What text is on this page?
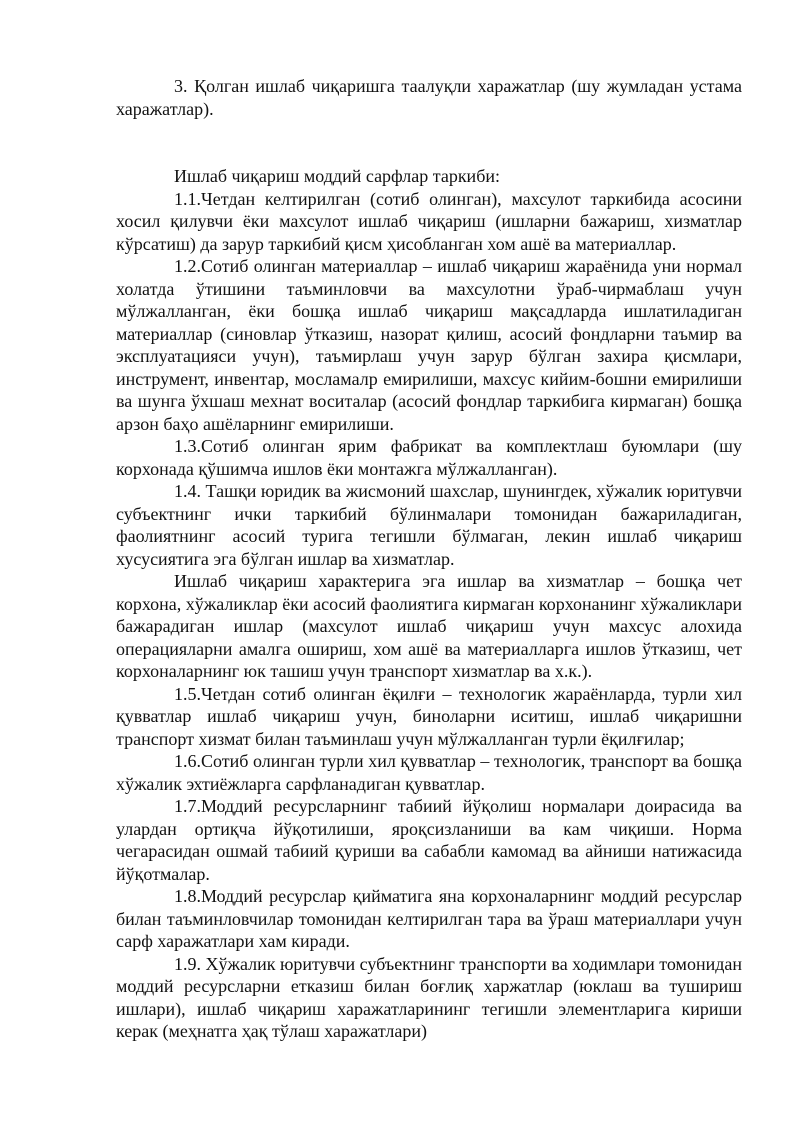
3. Қолган ишлаб чиқаришга таалуқли харажатлар (шу жумладан устама харажатлар).

Ишлаб чиқариш моддий сарфлар таркиби:

1.1.Четдан келтирилган (сотиб олинган), махсулот таркибида асосини хосил қилувчи ёки махсулот ишлаб чиқариш (ишларни бажариш, хизматлар кўрсатиш) да зарур таркибий қисм ҳисобланган хом ашё ва материаллар.

1.2.Сотиб олинган материаллар – ишлаб чиқариш жараёнида уни нормал холатда ўтишини таъминловчи ва махсулотни ўраб-чирмаблаш учун мўлжалланган, ёки бошқа ишлаб чиқариш мақсадларда ишлатиладиган материаллар (синовлар ўтказиш, назорат қилиш, асосий фондларни таъмир ва эксплуатацияси учун), таъмирлаш учун зарур бўлган захира қисмлари, инструмент, инвентар, мосламалр емирилиши, махсус кийим-бошни емирилиши ва шунга ўхшаш мехнат воситалар (асосий фондлар таркибига кирмаган) бошқа арзон баҳо ашёларнинг емирилиши.

1.3.Сотиб олинган ярим фабрикат ва комплектлаш буюмлари (шу корхонада қўшимча ишлов ёки монтажга мўлжалланган).

1.4. Ташқи юридик ва жисмоний шахслар, шунингдек, хўжалик юритувчи субъектнинг ички таркибий бўлинмалари томонидан бажариладиган, фаолиятнинг асосий турига тегишли бўлмаган, лекин ишлаб чиқариш хусусиятига эга бўлган ишлар ва хизматлар.

Ишлаб чиқариш характерига эга ишлар ва хизматлар – бошқа чет корхона, хўжаликлар ёки асосий фаолиятига кирмаган корхонанинг хўжаликлари бажарадиган ишлар (махсулот ишлаб чиқариш учун махсус алохида операцияларни амалга ошириш, хом ашё ва материалларга ишлов ўтказиш, чет корхоналарнинг юк ташиш учун транспорт хизматлар ва х.к.).

1.5.Четдан сотиб олинган ёқилғи – технологик жараёнларда, турли хил қувватлар ишлаб чиқариш учун, биноларни иситиш, ишлаб чиқаришни транспорт хизмат билан таъминлаш учун мўлжалланган турли ёқилғилар;

1.6.Сотиб олинган турли хил қувватлар – технологик, транспорт ва бошқа хўжалик эхтиёжларга сарфланадиган қувватлар.

1.7.Моддий ресурсларнинг табиий йўқолиш нормалари доирасида ва улардан ортиқча йўқотилиши, яроқсизланиши ва кам чиқиши. Норма чегарасидан ошмай табиий қуриши ва сабабли камомад ва айниши натижасида йўқотмалар.

1.8.Моддий ресурслар қийматига яна корхоналарнинг моддий ресурслар билан таъминловчилар томонидан келтирилган тара ва ўраш материаллари учун сарф харажатлари хам киради.

1.9. Хўжалик юритувчи субъектнинг транспорти ва ходимлари томонидан моддий ресурсларни етказиш билан боғлиқ харжатлар (юклаш ва тушириш ишлари), ишлаб чиқариш харажатларининг тегишли элементларига кириши керак (меҳнатга ҳақ тўлаш харажатлари)
